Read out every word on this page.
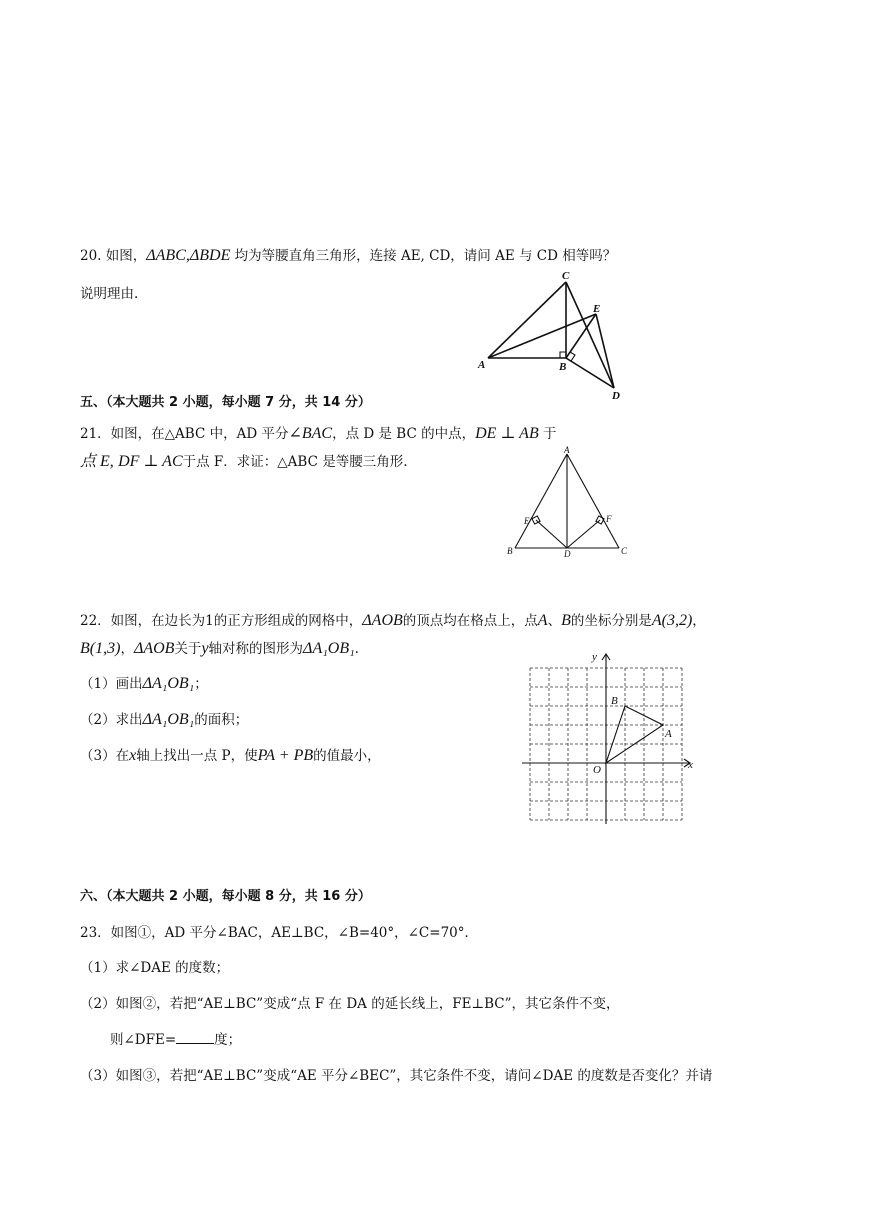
20. 如图，ΔABC,ΔBDE 均为等腰直角三角形，连接 AE, CD，请问 AE 与 CD 相等吗？
说明理由.
C
E
A	B
D
五、（本大题共 2 小题，每小题 7 分，共 14 分）
21．如图，在△ABC 中，AD 平分∠BAC，点 D 是 BC 的中点，DE ⊥ AB 于
点 E, DF ⊥ AC于点 F．求证：△ABC 是等腰三角形.
A
E	F
B	D	C
22．如图，在边长为1的正方形组成的网格中，ΔAOB的顶点均在格点上，点A、B的坐标分别是A(3,2)，
B(1,3)，ΔAOB关于y轴对称的图形为ΔA₁OB₁.
（1）画出ΔA₁OB₁；
（2）求出ΔA₁OB₁的面积；
（3）在x轴上找出一点 P，使PA + PB的值最小，
y
x
O
A
B
六、（本大题共 2 小题，每小题 8 分，共 16 分）
23．如图①，AD 平分∠BAC，AE⊥BC，∠B=40°，∠C=70°．
（1）求∠DAE 的度数；
（2）如图②，若把“AE⊥BC”变成“点 F 在 DA 的延长线上，FE⊥BC”，其它条件不变，
则∠DFE=	度；
（3）如图③，若把“AE⊥BC”变成“AE 平分∠BEC”，其它条件不变，请问∠DAE 的度数是否变化？并请
